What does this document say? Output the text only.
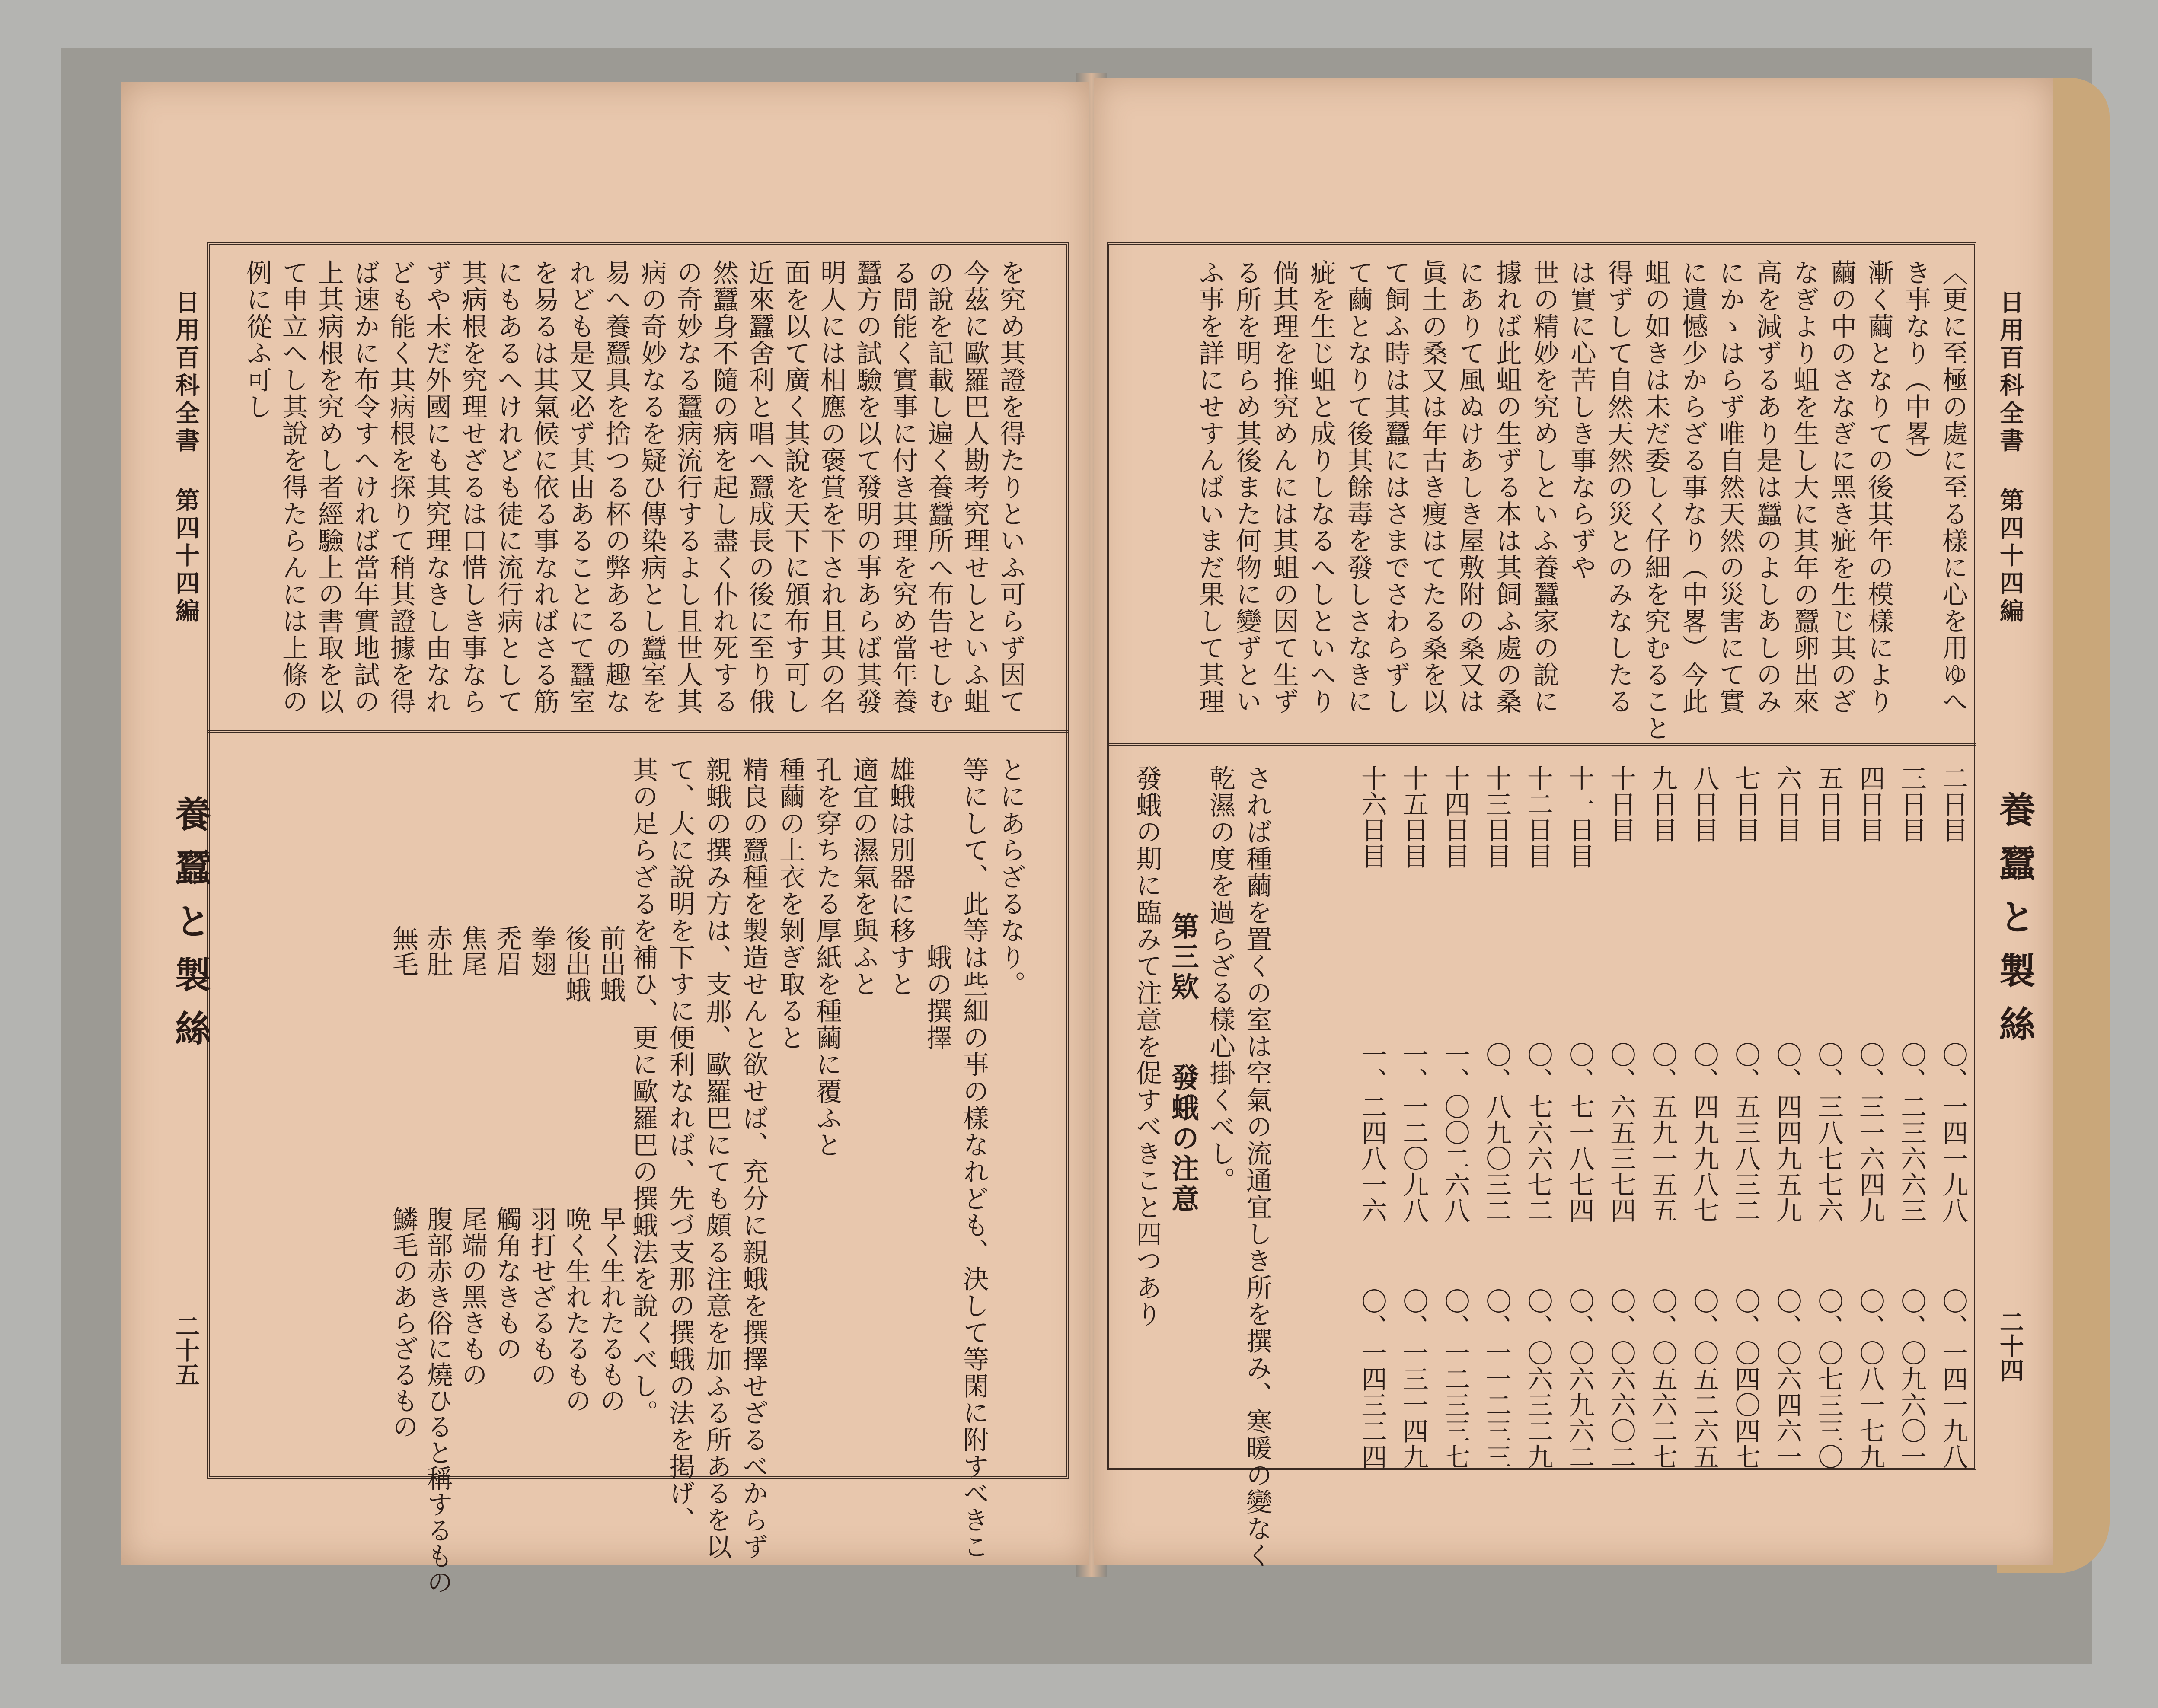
日用百科全書 第四十四編
養蠶と製絲
二十五
を究め其證を得たりといふ可らず因て
今茲に歐羅巴人勘考究理せしといふ蛆
の說を記載し遍く養蠶所へ布告せしむ
る間能く實事に付き其理を究め當年養
蠶方の試驗を以て發明の事あらば其發
明人には相應の褒賞を下され且其の名
面を以て廣く其說を天下に頒布す可し
近來蠶舍利と唱へ蠶成長の後に至り俄
然蠶身不隨の病を起し盡く仆れ死する
の奇妙なる蠶病流行するよし且世人其
病の奇妙なるを疑ひ傳染病とし蠶室を
易へ養蠶具を捨つる杯の弊あるの趣な
れども是又必ず其由あることにて蠶室
を易るは其氣候に依る事なればさる筋
にもあるへけれども徒に流行病として
其病根を究理せざるは口惜しき事なら
ずや未だ外國にも其究理なきし由なれ
ども能く其病根を探りて稍其證據を得
ば速かに布令すへければ當年實地試の
上其病根を究めし者經驗上の書取を以
て申立へし其說を得たらんには上條の
例に從ふ可し
とにあらざるなり。
等にして、此等は些細の事の樣なれども、決して等閑に附すべきこ
　　　　　　　蛾の撰擇
雄蛾は別器に移すと
適宜の濕氣を與ふと
孔を穿ちたる厚紙を種繭に覆ふと
種繭の上衣を剝ぎ取ると
精良の蠶種を製造せんと欲せば、充分に親蛾を撰擇せざるべからず
親蛾の撰み方は、支那、歐羅巴にても頗る注意を加ふる所あるを以
て、大に說明を下すに便利なれば、先づ支那の撰蛾の法を掲げ、
其の足らざるを補ひ、更に歐羅巴の撰蛾法を說くべし。
前出蛾
早く生れたるもの
後出蛾
晩く生れたるもの
拳翅
羽打せざるもの
禿眉
觸角なきもの
焦尾
尾端の黑きもの
赤肚
腹部赤き俗に燒ひると稱するもの
無毛
鱗毛のあらざるもの
日用百科全書 第四十四編
養蠶と製絲
二十四
〈更に至極の處に至る樣に心を用ゆへ
き事なり（中畧）
漸く繭となりての後其年の模樣により
繭の中のさなぎに黑き疵を生じ其のざ
なぎより蛆を生し大に其年の蠶卵出來
高を減ずるあり是は蠶のよしあしのみ
にかゝはらず唯自然天然の災害にて實
に遺憾少からざる事なり（中畧）今此
蛆の如きは未だ委しく仔細を究むること
得ずして自然天然の災とのみなしたる
は實に心苦しき事ならずや
世の精妙を究めしといふ養蠶家の說に
據れば此蛆の生ずる本は其飼ふ處の桑
にありて風ぬけあしき屋敷附の桑又は
眞土の桑又は年古き痩はてたる桑を以
て飼ふ時は其蠶にはさまでさわらずし
て繭となりて後其餘毒を發しさなきに
疵を生じ蛆と成りしなるへしといへり
倘其理を推究めんには其蛆の因て生ず
る所を明らめ其後また何物に變ずとい
ふ事を詳にせすんばいまだ果して其理
二日目
〇、一四一九八
〇、一四一九八
三日目
〇、二三六六三
〇、〇九六〇一
四日目
〇、三一六四九
〇、〇八一七九
五日目
〇、三八七七六
〇、〇七三三〇
六日目
〇、四四九五九
〇、〇六四六一
七日目
〇、五三八三二
〇、〇四〇四七
八日目
〇、四九九八七
〇、〇五二六五
九日目
〇、五九一五五
〇、〇五六二七
十日目
〇、六五三七四
〇、〇六六〇二
十一日目
〇、七一八七四
〇、〇六九六二
十二日目
〇、七六六七二
〇、〇六三二九
十三日目
〇、八九〇三二
〇、一一二三三
十四日目
一、〇〇二六八
〇、一二三三七
十五日目
一、一二〇九八
〇、一三一四九
十六日目
一、二四八一六
〇、一四三二四
されば種繭を置くの室は空氣の流通宜しき所を撰み、寒暖の變なく
乾濕の度を過らざる樣心掛くべし。
第三欵　　發蛾の注意
發蛾の期に臨みて注意を促すべきこと四つあり
